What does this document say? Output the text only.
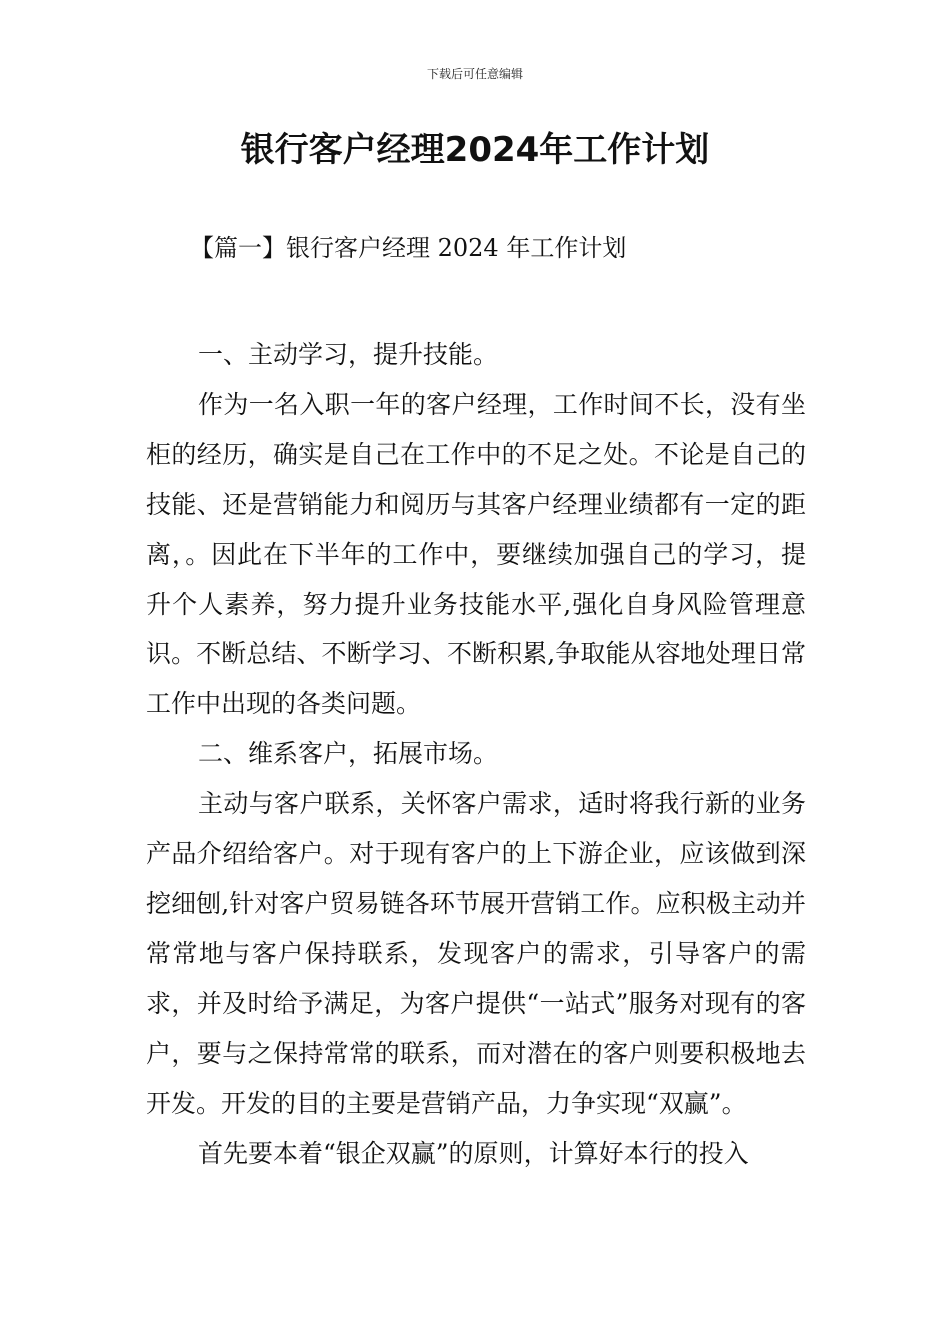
下载后可任意编辑
银行客户经理2024年工作计划
【篇一】银行客户经理 2024 年工作计划

一、主动学习，提升技能。

作为一名入职一年的客户经理，工作时间不长，没有坐柜的经历，确实是自己在工作中的不足之处。不论是自己的技能、还是营销能力和阅历与其客户经理业绩都有一定的距离，。因此在下半年的工作中，要继续加强自己的学习，提升个人素养，努力提升业务技能水平,强化自身风险管理意识。不断总结、不断学习、不断积累,争取能从容地处理日常工作中出现的各类问题。

二、维系客户，拓展市场。

主动与客户联系，关怀客户需求，适时将我行新的业务产品介绍给客户。对于现有客户的上下游企业，应该做到深挖细刨,针对客户贸易链各环节展开营销工作。应积极主动并常常地与客户保持联系，发现客户的需求，引导客户的需求，并及时给予满足，为客户提供“一站式”服务对现有的客户，要与之保持常常的联系，而对潜在的客户则要积极地去开发。开发的目的主要是营销产品，力争实现“双赢”。

首先要本着“银企双赢”的原则，计算好本行的投入
